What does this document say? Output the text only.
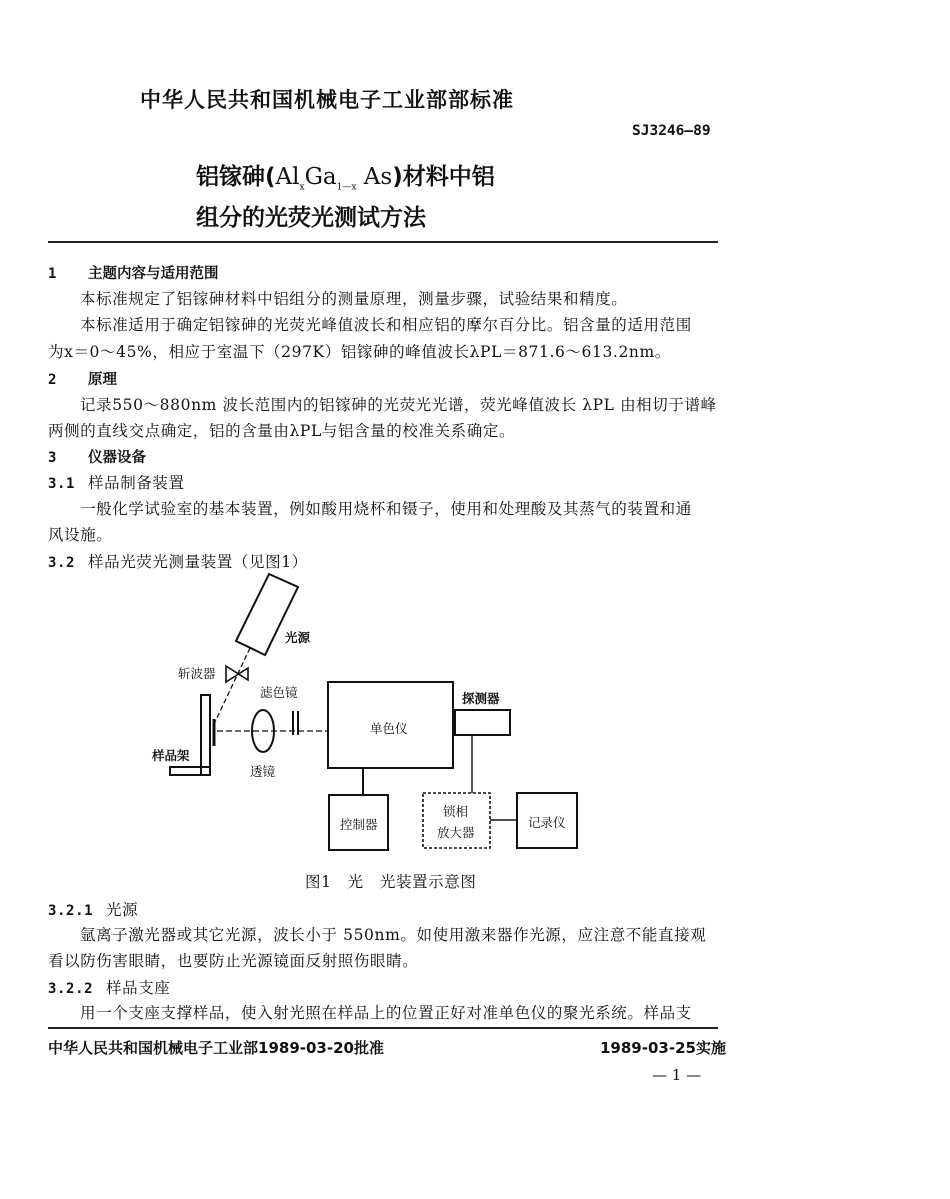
中华人民共和国机械电子工业部部标准
SJ3246—89
铝镓砷($Al_xGa_{1—x}$ As)材料中铝
组分的光荧光测试方法
1 主题内容与适用范围
本标准规定了铝镓砷材料中铝组分的测量原理，测量步骤，试验结果和精度。
本标准适用于确定铝镓砷的光荧光峰值波长和相应铝的摩尔百分比。铝含量的适用范围
为x＝0～45%，相应于室温下（297K）铝镓砷的峰值波长λPL＝871.6～613.2nm。
2 原理
记录550～880nm 波长范围内的铝镓砷的光荧光光谱，荧光峰值波长 λPL 由相切于谱峰
两侧的直线交点确定，铝的含量由λPL与铝含量的校准关系确定。
3 仪器设备
3.1 样品制备装置
一般化学试验室的基本装置，例如酸用烧杯和镊子，使用和处理酸及其蒸气的装置和通
风设施。
3.2 样品光荧光测量装置（见图1）
光源
斩波器
滤色镜
样品架
透镜
单色仪
探测器
控制器
锁相
放大器
记录仪
图1　光　光装置示意图
3.2.1 光源
氩离子激光器或其它光源，波长小于 550nm。如使用激来器作光源，应注意不能直接观
看以防伤害眼睛，也要防止光源镜面反射照伤眼睛。
3.2.2 样品支座
用一个支座支撑样品，使入射光照在样品上的位置正好对准单色仪的聚光系统。样品支
中华人民共和国机械电子工业部1989-03-20批准	1989-03-25实施
— 1 —
